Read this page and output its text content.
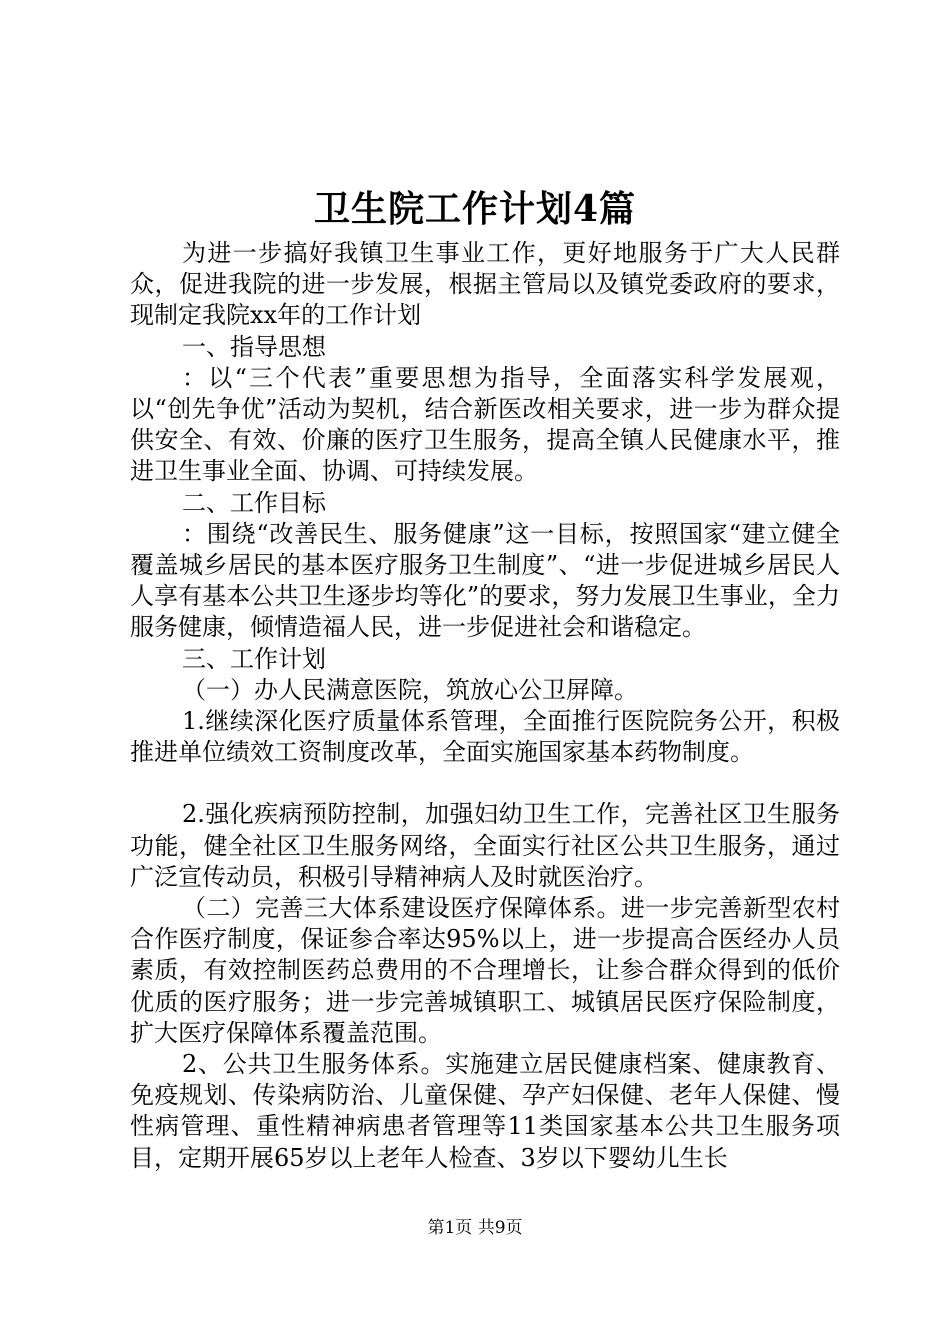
卫生院工作计划4篇

为进一步搞好我镇卫生事业工作，更好地服务于广大人民群众，促进我院的进一步发展，根据主管局以及镇党委政府的要求，现制定我院xx年的工作计划

一、指导思想

：以“三个代表”重要思想为指导，全面落实科学发展观，以“创先争优”活动为契机，结合新医改相关要求，进一步为群众提供安全、有效、价廉的医疗卫生服务，提高全镇人民健康水平，推进卫生事业全面、协调、可持续发展。

二、工作目标

：围绕“改善民生、服务健康”这一目标，按照国家“建立健全覆盖城乡居民的基本医疗服务卫生制度”、“进一步促进城乡居民人人享有基本公共卫生逐步均等化”的要求，努力发展卫生事业，全力服务健康，倾情造福人民，进一步促进社会和谐稳定。

三、工作计划

（一）办人民满意医院，筑放心公卫屏障。

1.继续深化医疗质量体系管理，全面推行医院院务公开，积极推进单位绩效工资制度改革，全面实施国家基本药物制度。

2.强化疾病预防控制，加强妇幼卫生工作，完善社区卫生服务功能，健全社区卫生服务网络，全面实行社区公共卫生服务，通过广泛宣传动员，积极引导精神病人及时就医治疗。

（二）完善三大体系建设医疗保障体系。进一步完善新型农村合作医疗制度，保证参合率达95%以上，进一步提高合医经办人员素质，有效控制医药总费用的不合理增长，让参合群众得到的低价优质的医疗服务；进一步完善城镇职工、城镇居民医疗保险制度，扩大医疗保障体系覆盖范围。

2、公共卫生服务体系。实施建立居民健康档案、健康教育、免疫规划、传染病防治、儿童保健、孕产妇保健、老年人保健、慢性病管理、重性精神病患者管理等11类国家基本公共卫生服务项目，定期开展65岁以上老年人检查、3岁以下婴幼儿生长

第1页 共9页
